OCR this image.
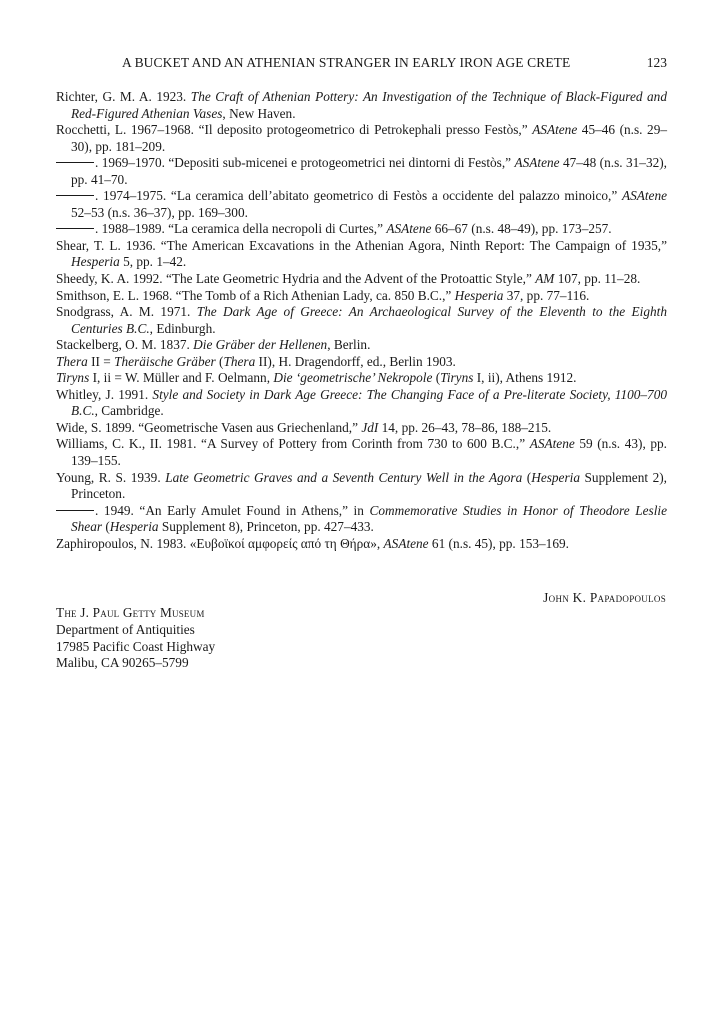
A BUCKET AND AN ATHENIAN STRANGER IN EARLY IRON AGE CRETE	123

Richter, G. M. A. 1923. The Craft of Athenian Pottery: An Investigation of the Technique of Black-Figured and Red-Figured Athenian Vases, New Haven.

Rocchetti, L. 1967–1968. “Il deposito protogeometrico di Petrokephali presso Festòs,” ASAtene 45–46 (n.s. 29–30), pp. 181–209.

. 1969–1970. “Depositi sub-micenei e protogeometrici nei dintorni di Festòs,” ASAtene 47–48 (n.s. 31–32), pp. 41–70.

. 1974–1975. “La ceramica dell’abitato geometrico di Festòs a occidente del palazzo minoico,” ASAtene 52–53 (n.s. 36–37), pp. 169–300.

. 1988–1989. “La ceramica della necropoli di Curtes,” ASAtene 66–67 (n.s. 48–49), pp. 173–257.

Shear, T. L. 1936. “The American Excavations in the Athenian Agora, Ninth Report: The Campaign of 1935,” Hesperia 5, pp. 1–42.

Sheedy, K. A. 1992. “The Late Geometric Hydria and the Advent of the Protoattic Style,” AM 107, pp. 11–28.

Smithson, E. L. 1968. “The Tomb of a Rich Athenian Lady, ca. 850 B.C.,” Hesperia 37, pp. 77–116.

Snodgrass, A. M. 1971. The Dark Age of Greece: An Archaeological Survey of the Eleventh to the Eighth Centuries B.C., Edinburgh.

Stackelberg, O. M. 1837. Die Gräber der Hellenen, Berlin.

Thera II = Theräische Gräber (Thera II), H. Dragendorff, ed., Berlin 1903.

Tiryns I, ii = W. Müller and F. Oelmann, Die ‘geometrische’ Nekropole (Tiryns I, ii), Athens 1912.

Whitley, J. 1991. Style and Society in Dark Age Greece: The Changing Face of a Pre-literate Society, 1100–700 B.C., Cambridge.

Wide, S. 1899. “Geometrische Vasen aus Griechenland,” JdI 14, pp. 26–43, 78–86, 188–215.

Williams, C. K., II. 1981. “A Survey of Pottery from Corinth from 730 to 600 B.C.,” ASAtene 59 (n.s. 43), pp. 139–155.

Young, R. S. 1939. Late Geometric Graves and a Seventh Century Well in the Agora (Hesperia Supplement 2), Princeton.

. 1949. “An Early Amulet Found in Athens,” in Commemorative Studies in Honor of Theodore Leslie Shear (Hesperia Supplement 8), Princeton, pp. 427–433.

Zaphiropoulos, N. 1983. «Ευβοϊκοί αμφορείς από τη Θήρα», ASAtene 61 (n.s. 45), pp. 153–169.

John K. Papadopoulos
The J. Paul Getty Museum
Department of Antiquities
17985 Pacific Coast Highway
Malibu, CA 90265–5799
